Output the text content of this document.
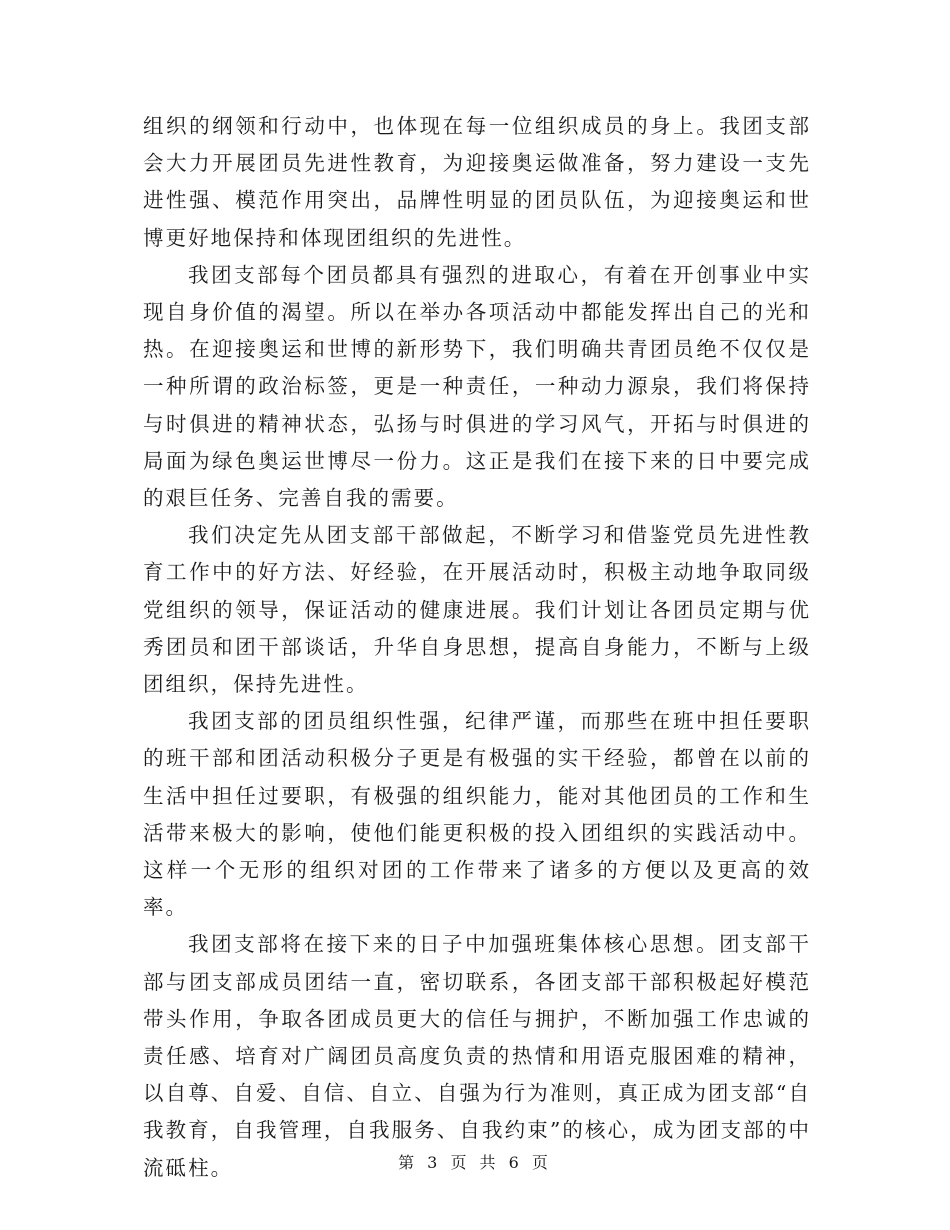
组织的纲领和行动中，也体现在每一位组织成员的身上。我团支部会大力开展团员先进性教育，为迎接奥运做准备，努力建设一支先进性强、模范作用突出，品牌性明显的团员队伍，为迎接奥运和世博更好地保持和体现团组织的先进性。

我团支部每个团员都具有强烈的进取心，有着在开创事业中实现自身价值的渴望。所以在举办各项活动中都能发挥出自己的光和热。在迎接奥运和世博的新形势下，我们明确共青团员绝不仅仅是一种所谓的政治标签，更是一种责任，一种动力源泉，我们将保持与时俱进的精神状态，弘扬与时俱进的学习风气，开拓与时俱进的局面为绿色奥运世博尽一份力。这正是我们在接下来的日中要完成的艰巨任务、完善自我的需要。

我们决定先从团支部干部做起，不断学习和借鉴党员先进性教育工作中的好方法、好经验，在开展活动时，积极主动地争取同级党组织的领导，保证活动的健康进展。我们计划让各团员定期与优秀团员和团干部谈话，升华自身思想，提高自身能力，不断与上级团组织，保持先进性。

我团支部的团员组织性强，纪律严谨，而那些在班中担任要职的班干部和团活动积极分子更是有极强的实干经验，都曾在以前的生活中担任过要职，有极强的组织能力，能对其他团员的工作和生活带来极大的影响，使他们能更积极的投入团组织的实践活动中。这样一个无形的组织对团的工作带来了诸多的方便以及更高的效率。

我团支部将在接下来的日子中加强班集体核心思想。团支部干部与团支部成员团结一直，密切联系，各团支部干部积极起好模范带头作用，争取各团成员更大的信任与拥护，不断加强工作忠诚的责任感、培育对广阔团员高度负责的热情和用语克服困难的精神，以自尊、自爱、自信、自立、自强为行为准则，真正成为团支部“自我教育，自我管理，自我服务、自我约束”的核心，成为团支部的中流砥柱。	第 3 页 共 6 页
